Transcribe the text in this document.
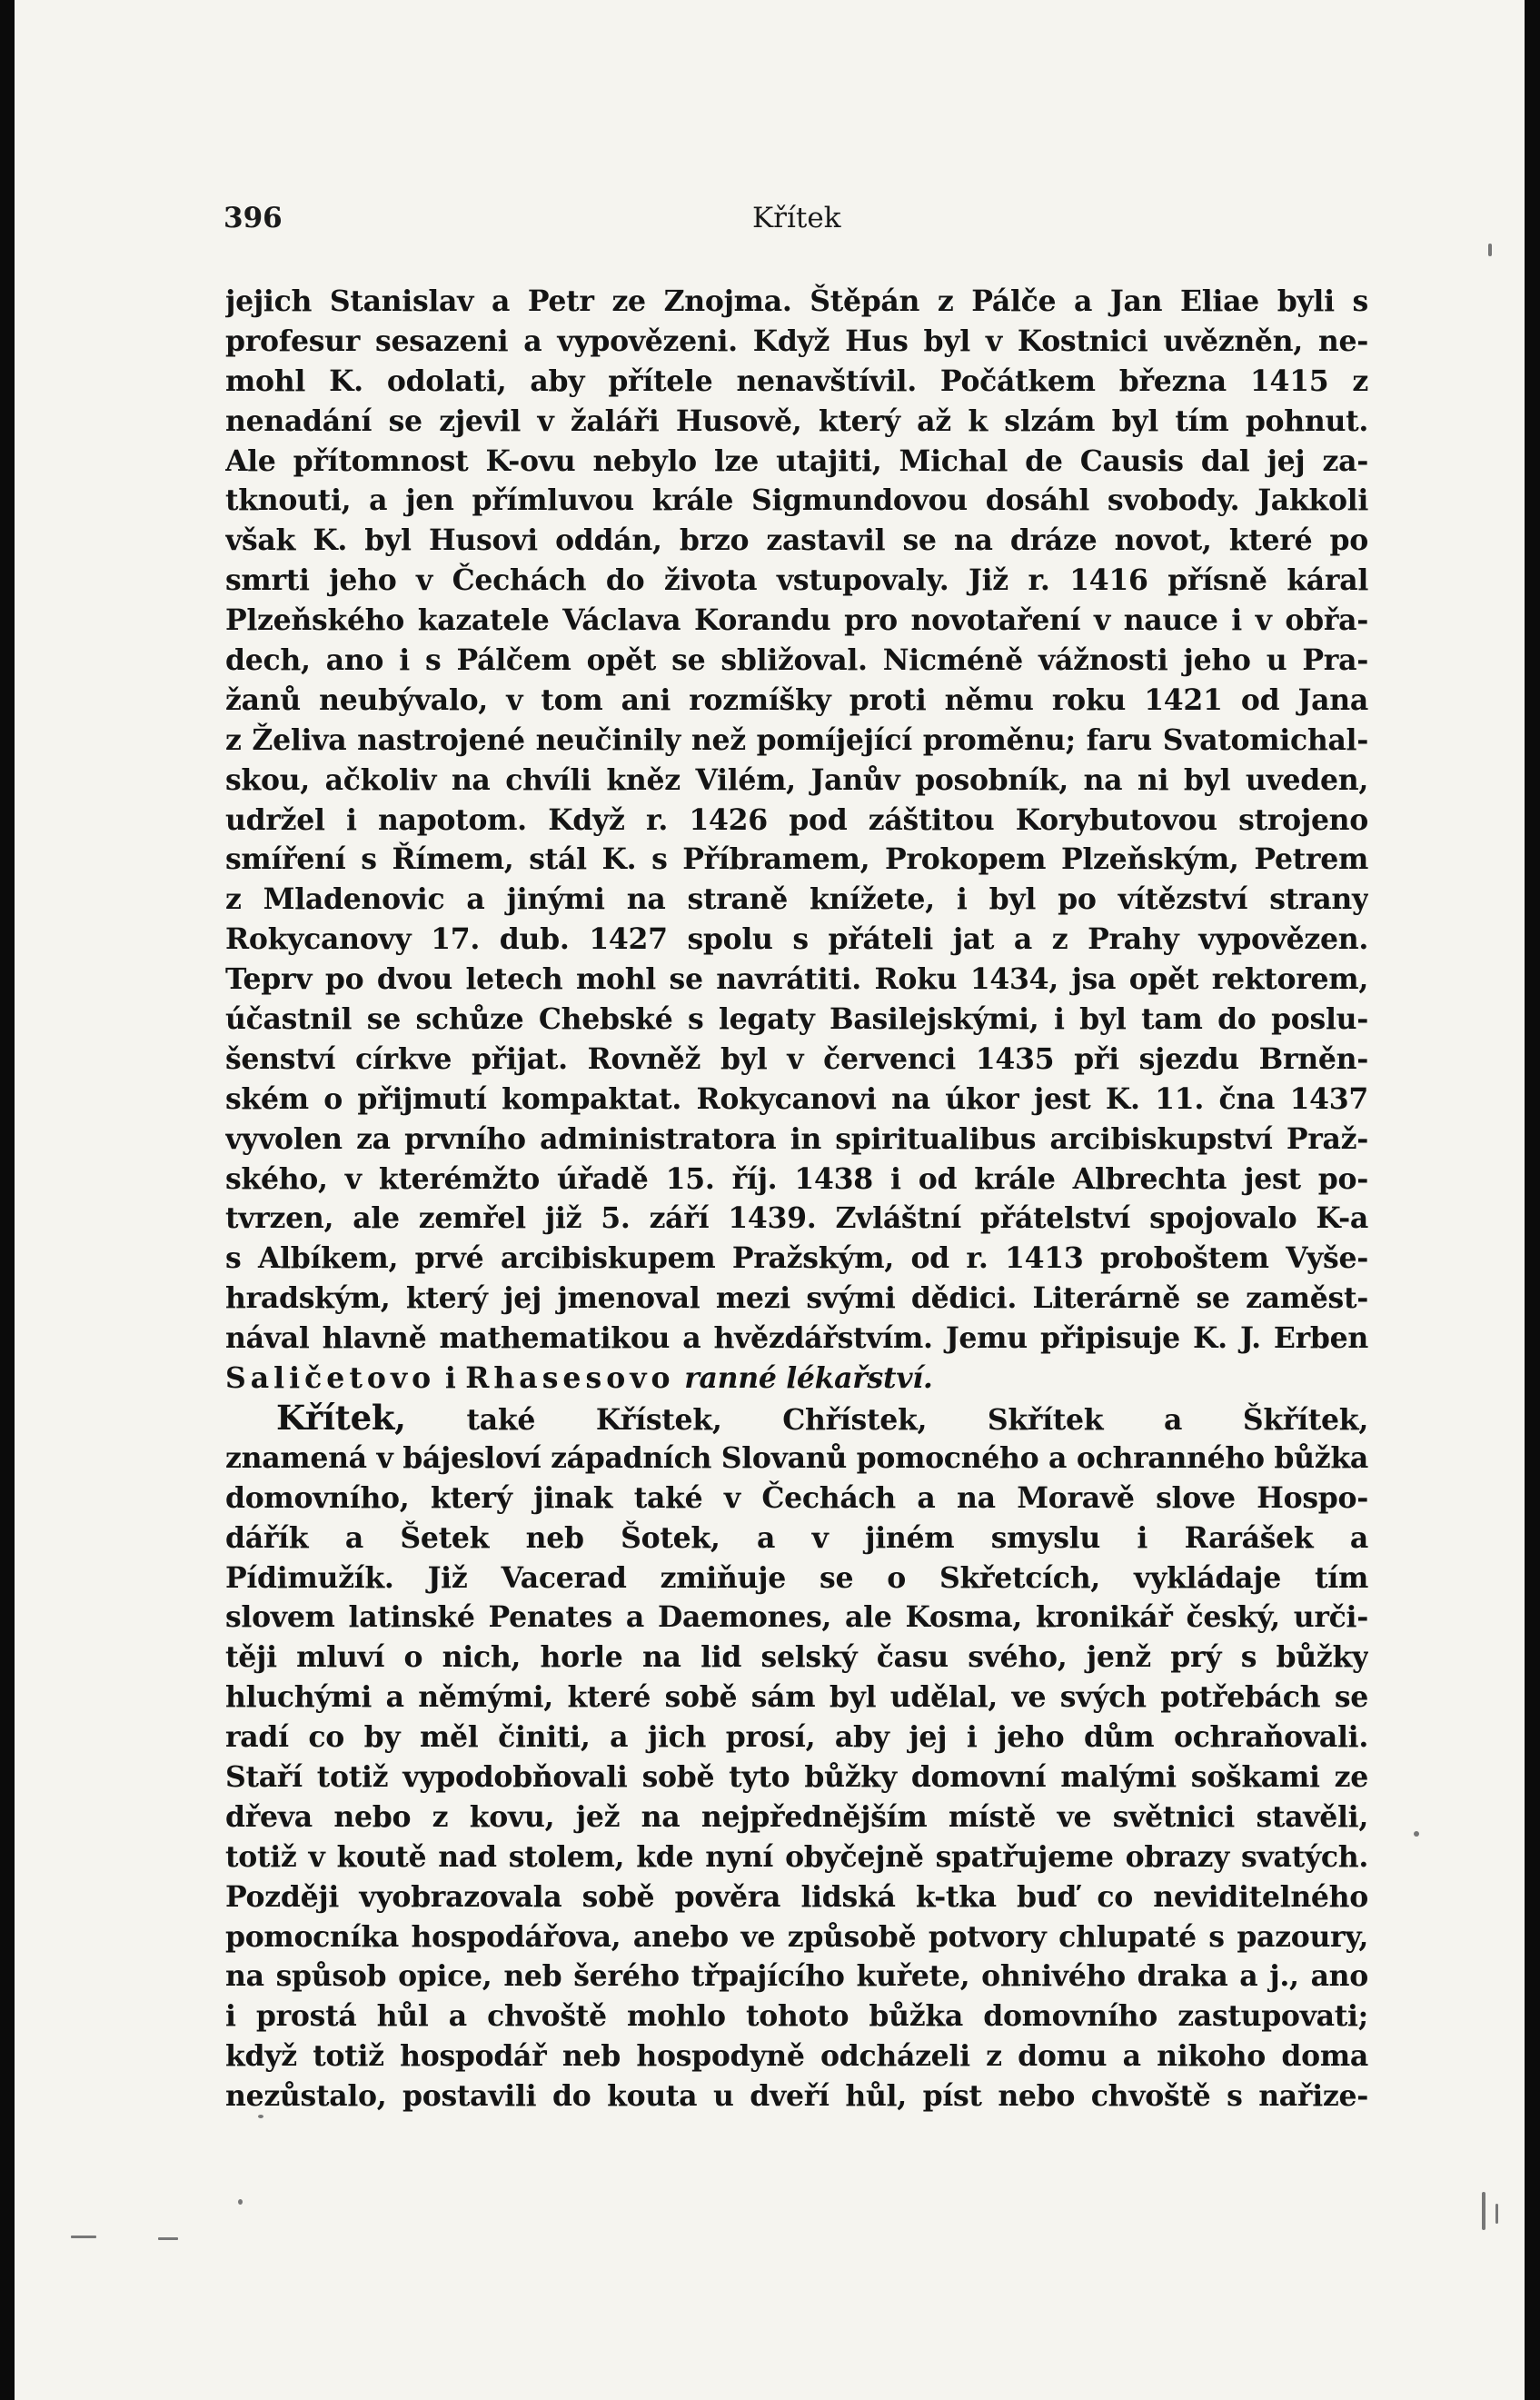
396	Křítek
jejich Stanislav a Petr ze Znojma. Štěpán z Pálče a Jan Eliae byli s
profesur sesazeni a vypovězeni. Když Hus byl v Kostnici uvězněn, ne-
mohl K. odolati, aby přítele nenavštívil. Počátkem března 1415 z
nenadání se zjevil v žaláři Husově, který až k slzám byl tím pohnut.
Ale přítomnost K-ovu nebylo lze utajiti, Michal de Causis dal jej za-
tknouti, a jen přímluvou krále Sigmundovou dosáhl svobody. Jakkoli
však K. byl Husovi oddán, brzo zastavil se na dráze novot, které po
smrti jeho v Čechách do života vstupovaly. Již r. 1416 přísně káral
Plzeňského kazatele Václava Korandu pro novotaření v nauce i v obřa-
dech, ano i s Pálčem opět se sbližoval. Nicméně vážnosti jeho u Pra-
žanů neubývalo, v tom ani rozmíšky proti němu roku 1421 od Jana
z Želiva nastrojené neučinily než pomíjející proměnu; faru Svatomichal-
skou, ačkoliv na chvíli kněz Vilém, Janův posobník, na ni byl uveden,
udržel i napotom. Když r. 1426 pod záštitou Korybutovou strojeno
smíření s Římem, stál K. s Příbramem, Prokopem Plzeňským, Petrem
z Mladenovic a jinými na straně knížete, i byl po vítězství strany
Rokycanovy 17. dub. 1427 spolu s přáteli jat a z Prahy vypovězen.
Teprv po dvou letech mohl se navrátiti. Roku 1434, jsa opět rektorem,
účastnil se schůze Chebské s legaty Basilejskými, i byl tam do poslu-
šenství církve přijat. Rovněž byl v červenci 1435 při sjezdu Brněn-
ském o přijmutí kompaktat. Rokycanovi na úkor jest K. 11. čna 1437
vyvolen za prvního administratora in spiritualibus arcibiskupství Praž-
ského, v kterémžto úřadě 15. říj. 1438 i od krále Albrechta jest po-
tvrzen, ale zemřel již 5. září 1439. Zvláštní přátelství spojovalo K-a
s Albíkem, prvé arcibiskupem Pražským, od r. 1413 proboštem Vyše-
hradským, který jej jmenoval mezi svými dědici. Literárně se zaměst-
nával hlavně mathematikou a hvězdářstvím. Jemu připisuje K. J. Erben
Saličetovo i Rhasesovo ranné lékařství.
Křítek, také Křístek, Chřístek, Skřítek a Škřítek,
znamená v bájesloví západních Slovanů pomocného a ochranného bůžka
domovního, který jinak také v Čechách a na Moravě slove Hospo-
dářík a Šetek neb Šotek, a v jiném smyslu i Rarášek a
Pídimužík. Již Vacerad zmiňuje se o Skřetcích, vykládaje tím
slovem latinské Penates a Daemones, ale Kosma, kronikář český, urči-
těji mluví o nich, horle na lid selský času svého, jenž prý s bůžky
hluchými a němými, které sobě sám byl udělal, ve svých potřebách se
radí co by měl činiti, a jich prosí, aby jej i jeho dům ochraňovali.
Staří totiž vypodobňovali sobě tyto bůžky domovní malými soškami ze
dřeva nebo z kovu, jež na nejpřednějším místě ve světnici stavěli,
totiž v koutě nad stolem, kde nyní obyčejně spatřujeme obrazy svatých.
Později vyobrazovala sobě pověra lidská k-tka buď co neviditelného
pomocníka hospodářova, anebo ve způsobě potvory chlupaté s pazoury,
na spůsob opice, neb šerého třpajícího kuřete, ohnivého draka a j., ano
i prostá hůl a chvoště mohlo tohoto bůžka domovního zastupovati;
když totiž hospodář neb hospodyně odcházeli z domu a nikoho doma
nezůstalo, postavili do kouta u dveří hůl, píst nebo chvoště s nařize-
